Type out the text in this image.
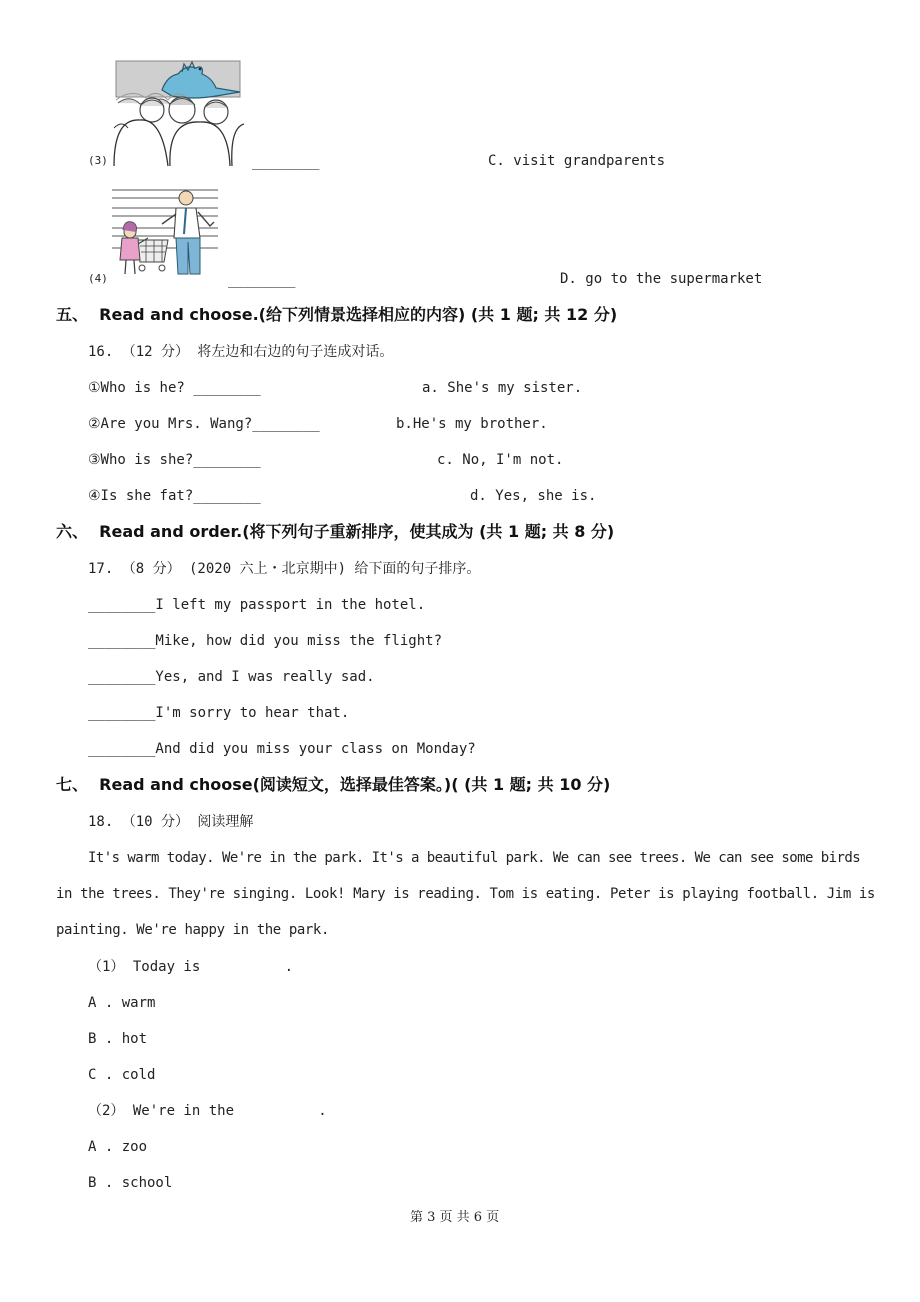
(3)	________	C. visit grandparents
(4)	________	D. go to the supermarket
五、  Read and choose.(给下列情景选择相应的内容) (共 1 题; 共 12 分)
16. （12 分） 将左边和右边的句子连成对话。
①Who is he? ________	a. She's my sister.
②Are you Mrs. Wang?________	b.He's my brother.
③Who is she?________	c. No, I'm not.
④Is she fat?________	d. Yes, she is.
六、  Read and order.(将下列句子重新排序，使其成为 (共 1 题; 共 8 分)
17. （8 分） (2020 六上・北京期中) 给下面的句子排序。
________I left my passport in the hotel.
________Mike, how did you miss the flight?
________Yes, and I was really sad.
________I'm sorry to hear that.
________And did you miss your class on Monday?
七、  Read and choose(阅读短文，选择最佳答案。)( (共 1 题; 共 10 分)
18. （10 分） 阅读理解
It's warm today. We're in the park. It's a beautiful park. We can see trees. We can see some birds
in the trees. They're singing. Look! Mary is reading. Tom is eating. Peter is playing football. Jim is
painting. We're happy in the park.
（1） Today is          .
A . warm
B . hot
C . cold
（2） We're in the          .
A . zoo
B . school
第 3 页 共 6 页
